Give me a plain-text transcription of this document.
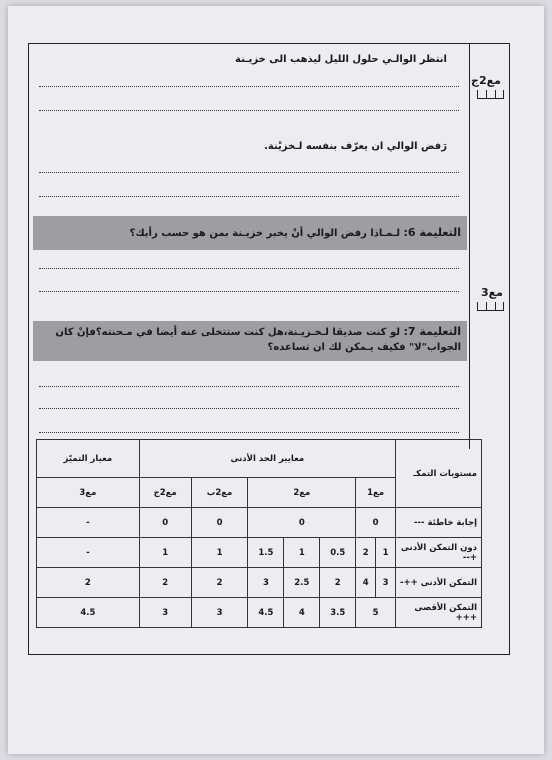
مع2ج
مع3
انتظر الوالـي حلول الليل ليذهب الى خزيـنة
رَفض الوالي ان يعرّف بنفسه لـخزيْنة.
التعليمة 6: لـمـاذا رفض الوالي أنْ يخبر خزيـنة بمن هو حسب رأيك؟
التعليمة 7: لو كنت صديقا لـخـزيـنة،هل كنت ستتخلى عنه أيضا في مـحنته؟فإنْ كان
الجواب"لا" فكيف يـمكن لك ان تساعده؟
مستويات التمكـ	معايير الحد الأدنى							معيار التميّز
	مع1		مع2			مع2ب	مع2ج	مع3
إجابة خاطئة ---	0		0			0	0	-
دون التمكن الأدنى +--	1	2	0.5	1	1.5	1	1	-
التمكن الأدنى ++-	3	4	2	2.5	3	2	2	2
التمكن الأقصى +++	5		3.5	4	4.5	3	3	4.5
